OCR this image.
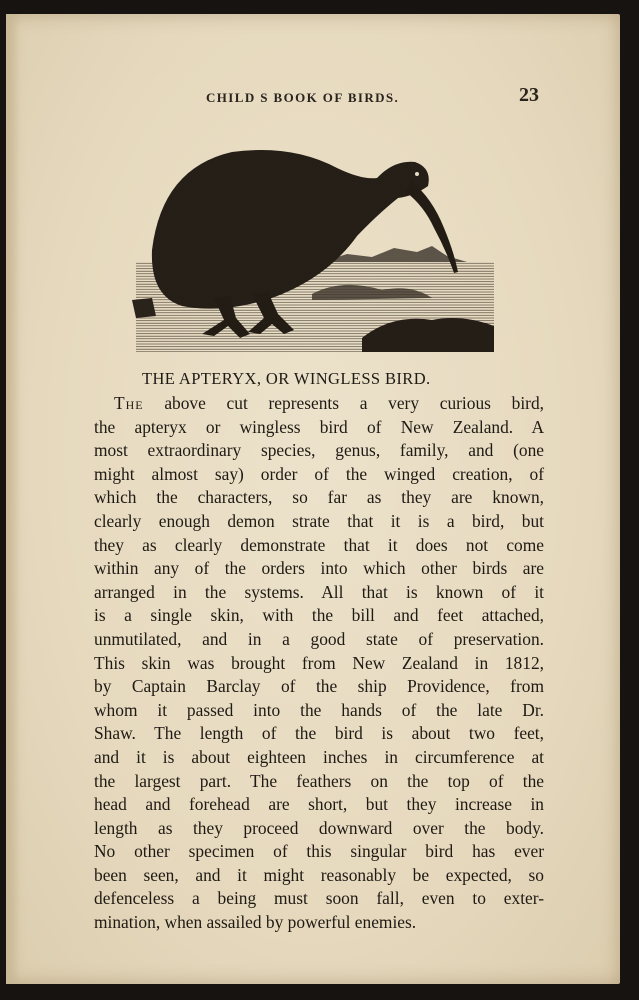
CHILD S BOOK OF BIRDS.	23
THE APTERYX, OR WINGLESS BIRD.
The above cut represents a very curious bird,
the apteryx or wingless bird of New Zealand. A
most extraordinary species, genus, family, and (one
might almost say) order of the winged creation, of
which the characters, so far as they are known,
clearly enough demon strate that it is a bird, but
they as clearly demonstrate that it does not come
within any of the orders into which other birds are
arranged in the systems. All that is known of it
is a single skin, with the bill and feet attached,
unmutilated, and in a good state of preservation.
This skin was brought from New Zealand in 1812,
by Captain Barclay of the ship Providence, from
whom it passed into the hands of the late Dr.
Shaw. The length of the bird is about two feet,
and it is about eighteen inches in circumference at
the largest part. The feathers on the top of the
head and forehead are short, but they increase in
length as they proceed downward over the body.
No other specimen of this singular bird has ever
been seen, and it might reasonably be expected, so
defenceless a being must soon fall, even to exter-
mination, when assailed by powerful enemies.
